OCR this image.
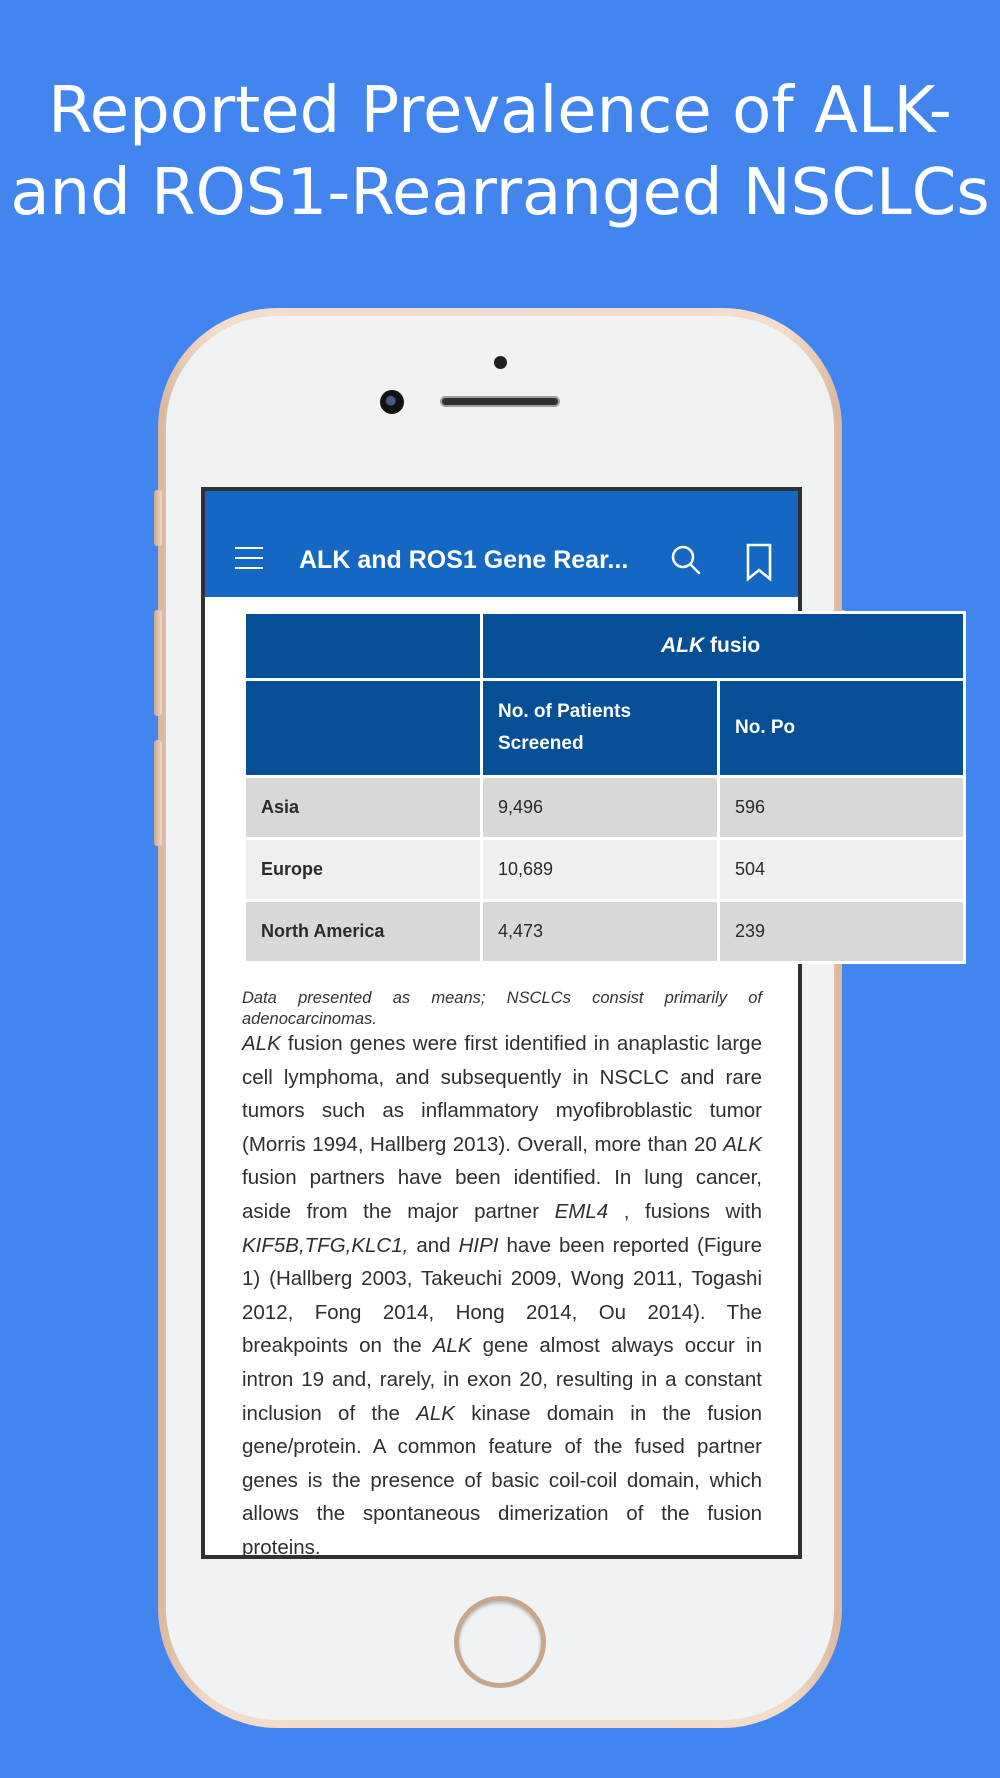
Reported Prevalence of ALK-
and ROS1-Rearranged NSCLCs
ALK and ROS1 Gene Rear...
	ALK fusio	
	No. of Patients Screened	No. Po
Asia	9,496	596
Europe	10,689	504
North America	4,473	239
Data presented as means; NSCLCs consist primarily of adenocarcinomas.

ALK fusion genes were first identified in anaplastic large cell lymphoma, and subsequently in NSCLC and rare tumors such as inflammatory myofibroblastic tumor (Morris 1994, Hallberg 2013). Overall, more than 20 ALK fusion partners have been identified. In lung cancer, aside from the major partner EML4 , fusions with KIF5B,TFG,KLC1, and HIPI have been reported (Figure 1) (Hallberg 2003, Takeuchi 2009, Wong 2011, Togashi 2012, Fong 2014, Hong 2014, Ou 2014). The breakpoints on the ALK gene almost always occur in intron 19 and, rarely, in exon 20, resulting in a constant inclusion of the ALK kinase domain in the fusion gene/protein. A common feature of the fused partner genes is the presence of basic coil-coil domain, which allows the spontaneous dimerization of the fusion proteins.
